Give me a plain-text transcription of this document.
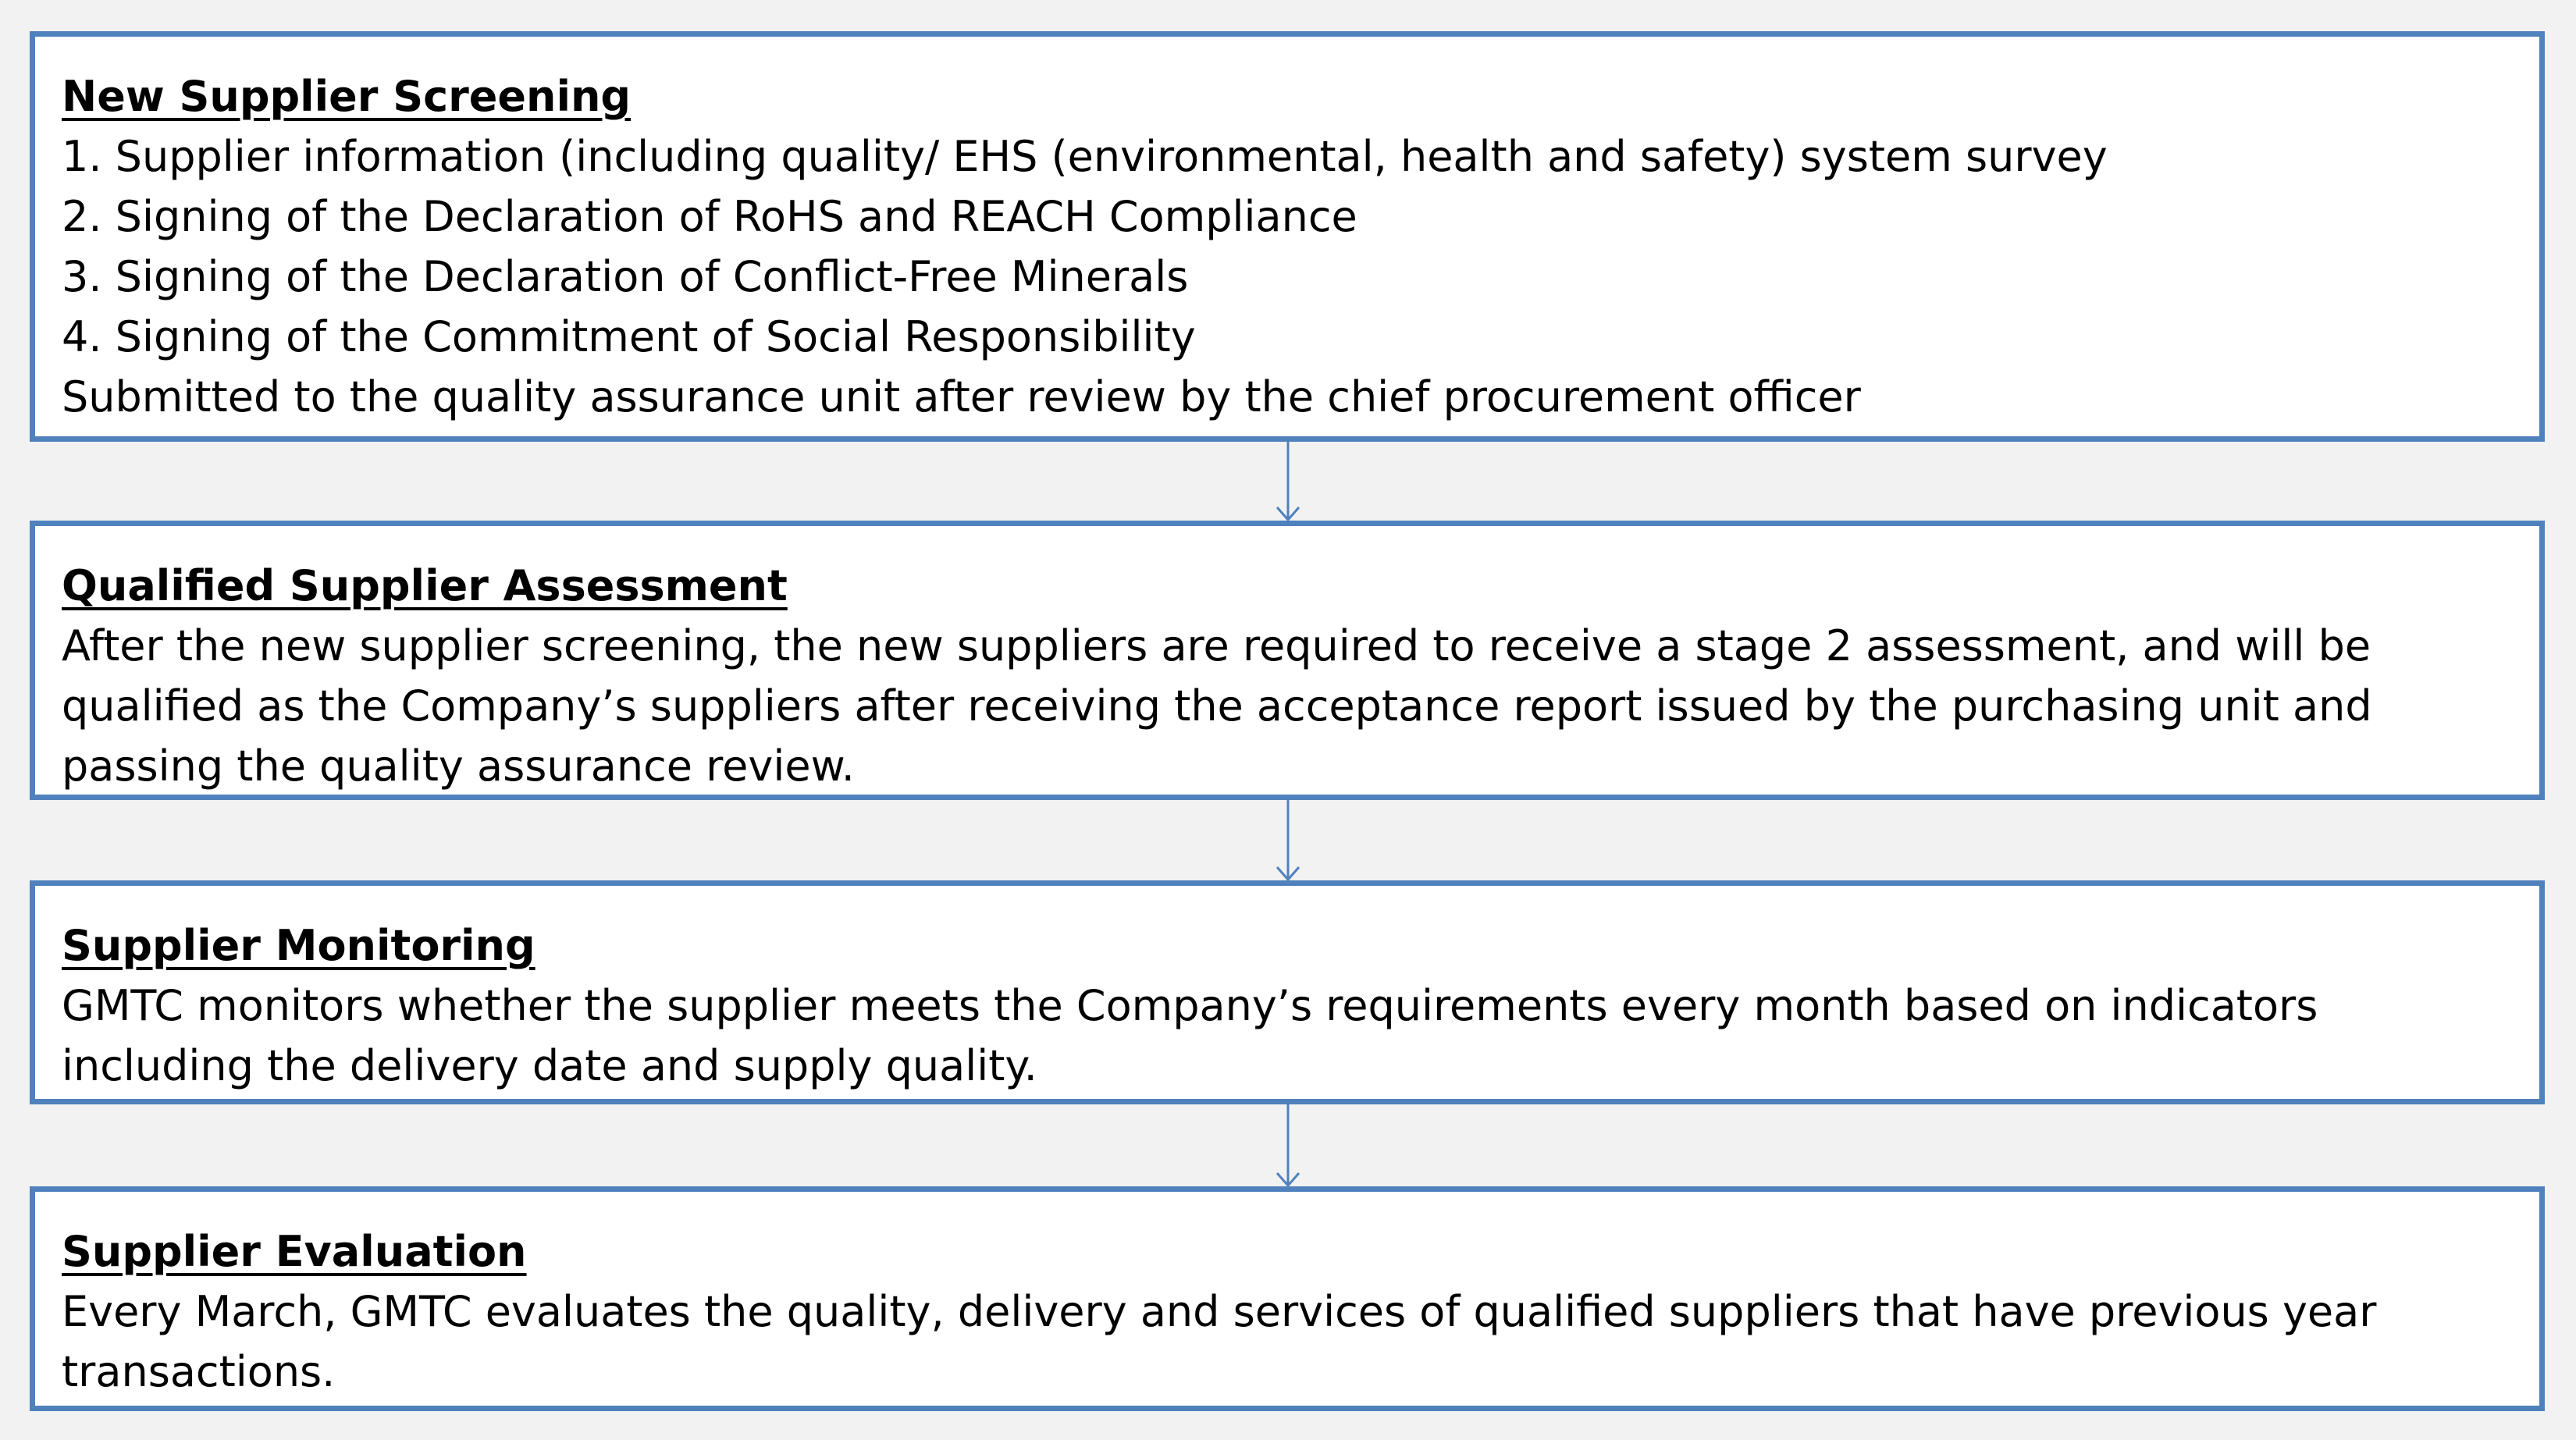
New Supplier Screening

1. Supplier information (including quality/ EHS (environmental, health and safety) system survey

2. Signing of the Declaration of RoHS and REACH Compliance

3. Signing of the Declaration of Conflict-Free Minerals

4. Signing of the Commitment of Social Responsibility

Submitted to the quality assurance unit after review by the chief procurement officer

Qualified Supplier Assessment

After the new supplier screening, the new suppliers are required to receive a stage 2 assessment, and will be qualified as the Company’s suppliers after receiving the acceptance report issued by the purchasing unit and passing the quality assurance review.

Supplier Monitoring

GMTC monitors whether the supplier meets the Company’s requirements every month based on indicators including the delivery date and supply quality.

Supplier Evaluation

Every March, GMTC evaluates the quality, delivery and services of qualified suppliers that have previous year transactions.
